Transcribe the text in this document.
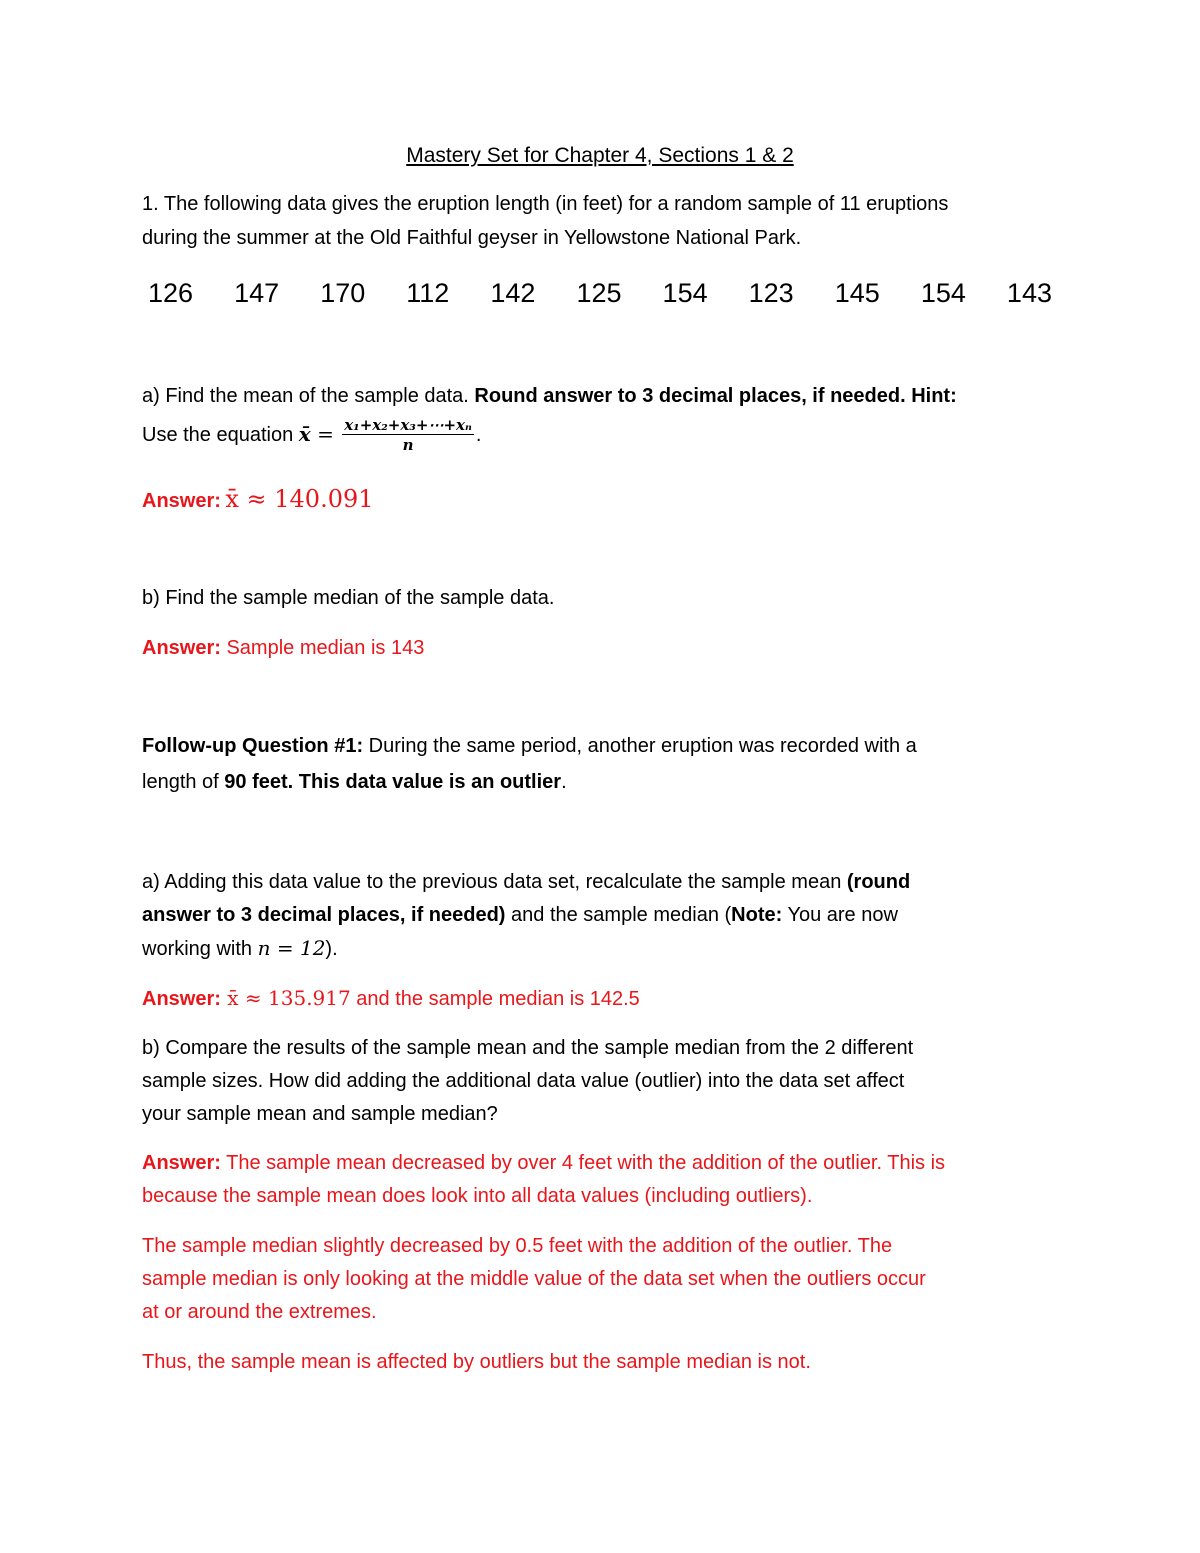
Mastery Set for Chapter 4, Sections 1 & 2
1. The following data gives the eruption length (in feet) for a random sample of 11 eruptions
during the summer at the Old Faithful geyser in Yellowstone National Park.
126 147 170 112 142 125 154 123 145 154 143
a) Find the mean of the sample data. Round answer to 3 decimal places, if needed. Hint:
Use the equation x̄ = $\frac{\text{x₁+x₂+x₃+⋯+xₙ}}{n}$ .
Answer: x̄ ≈ 140.091
b) Find the sample median of the sample data.
Answer: Sample median is 143
Follow-up Question #1: During the same period, another eruption was recorded with a
length of 90 feet. This data value is an outlier.
a) Adding this data value to the previous data set, recalculate the sample mean (round
answer to 3 decimal places, if needed) and the sample median (Note: You are now
working with n = 12).
Answer: x̄ ≈ 135.917 and the sample median is 142.5
b) Compare the results of the sample mean and the sample median from the 2 different
sample sizes. How did adding the additional data value (outlier) into the data set affect
your sample mean and sample median?
Answer: The sample mean decreased by over 4 feet with the addition of the outlier. This is
because the sample mean does look into all data values (including outliers).
The sample median slightly decreased by 0.5 feet with the addition of the outlier. The
sample median is only looking at the middle value of the data set when the outliers occur
at or around the extremes.
Thus, the sample mean is affected by outliers but the sample median is not.
